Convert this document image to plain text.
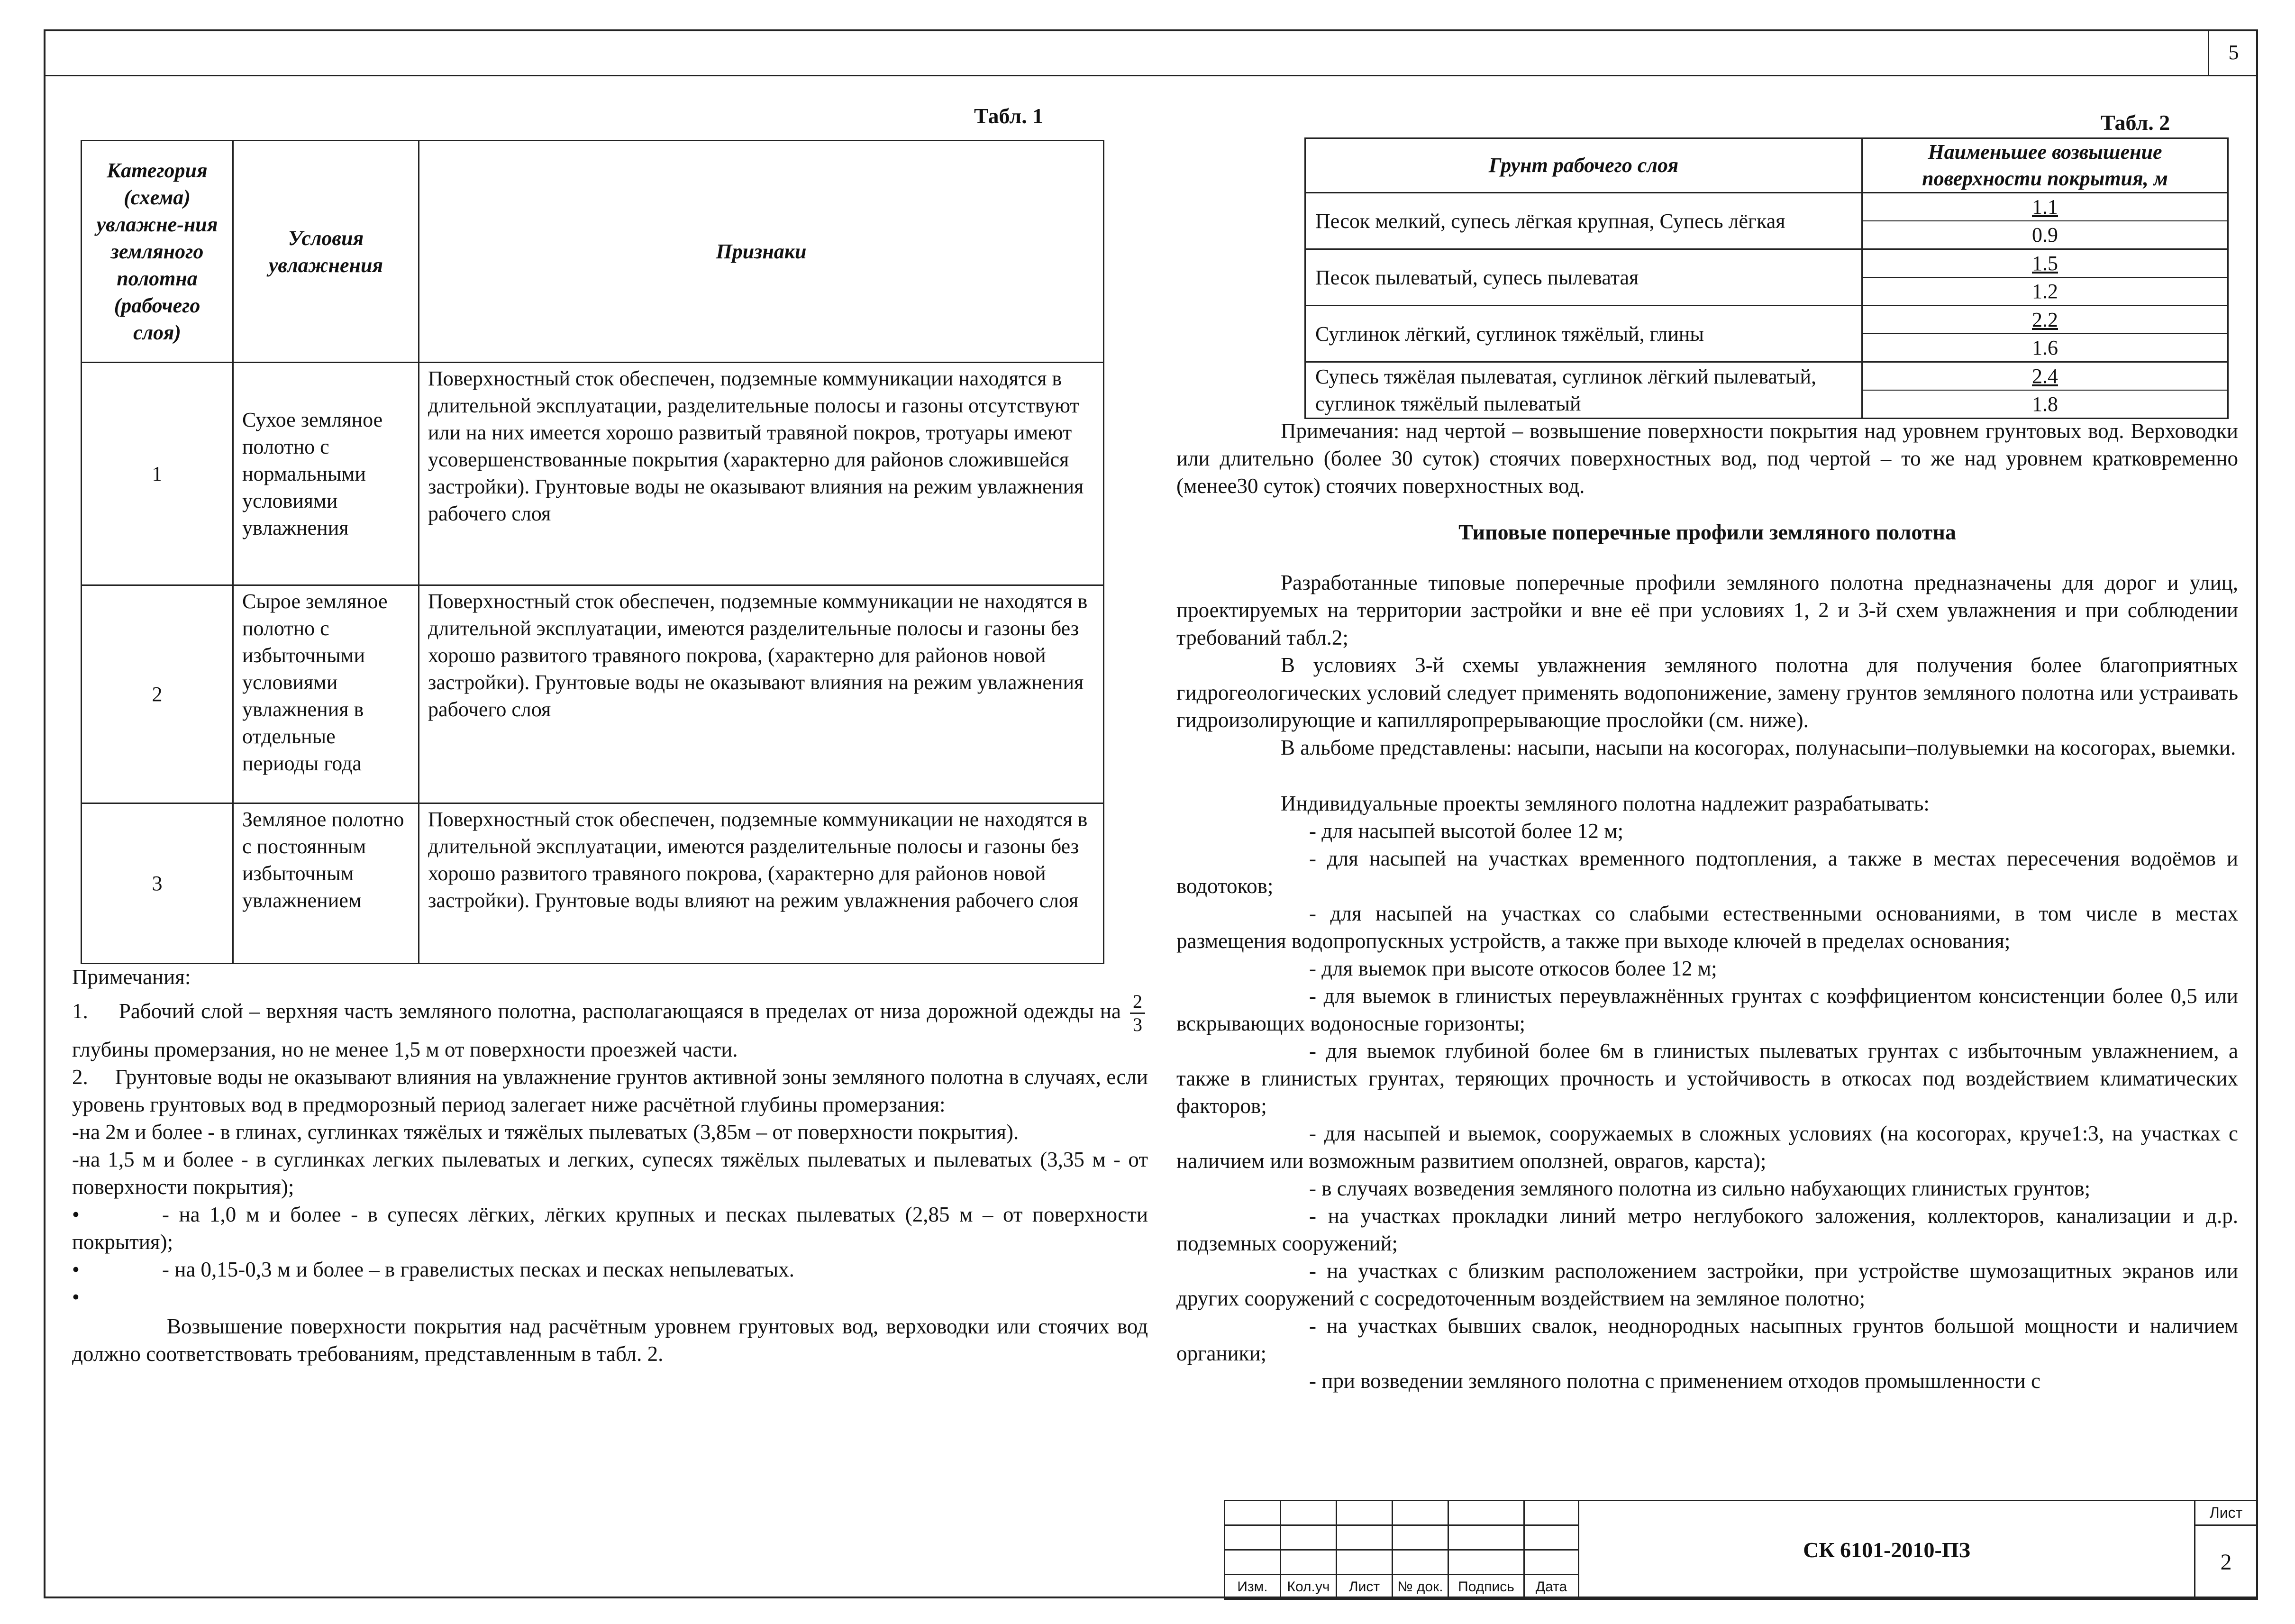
5
Табл. 1
Категория (схема) увлажне-ния земляного полотна (рабочего слоя)	Условия увлажнения	Признаки
1	Сухое земляное полотно с нормальными условиями увлажнения	Поверхностный сток обеспечен, подземные коммуникации находятся в длительной эксплуатации, разделительные полосы и газоны отсутствуют или на них имеется хорошо развитый травяной покров, тротуары имеют усовершенствованные покрытия (характерно для районов сложившейся застройки). Грунтовые воды не оказывают влияния на режим увлажнения рабочего слоя
2	Сырое земляное полотно с избыточными условиями увлажнения в отдельные периоды года	Поверхностный сток обеспечен, подземные коммуникации не находятся в длительной эксплуатации, имеются разделительные полосы и газоны без хорошо развитого травяного покрова, (характерно для районов новой застройки). Грунтовые воды не оказывают влияния на режим увлажнения рабочего слоя
3	Земляное полотно с постоянным избыточным увлажнением	Поверхностный сток обеспечен, подземные коммуникации не находятся в длительной эксплуатации, имеются разделительные полосы и газоны без хорошо развитого травяного покрова, (характерно для районов новой застройки). Грунтовые воды влияют на режим увлажнения рабочего слоя

Примечания:

1. Рабочий слой – верхняя часть земляного полотна, располагающаяся в пределах от низа дорожной одежды на $\frac{2}{3}$
глубины промерзания, но не менее 1,5 м от поверхности проезжей части.

2. Грунтовые воды не оказывают влияния на увлажнение грунтов активной зоны земляного полотна в случаях, если уровень грунтовых вод в предморозный период залегает ниже расчётной глубины промерзания:

-на 2м и более - в глинах, суглинках тяжёлых и тяжёлых пылеватых (3,85м – от поверхности покрытия).

-на 1,5 м и более - в суглинках легких пылеватых и легких, супесях тяжёлых пылеватых и пылеватых (3,35 м - от поверхности покрытия);

•	- на 1,0 м и более - в супесях лёгких, лёгких крупных и песках пылеватых (2,85 м – от поверхности покрытия);

•	- на 0,15-0,3 м и более – в гравелистых песках и песках непылеватых.

•

Возвышение поверхности покрытия над расчётным уровнем грунтовых вод, верховодки или стоячих вод должно соответствовать требованиям, представленным в табл. 2.

Табл. 2
Грунт рабочего слоя	Наименьшее возвышение поверхности покрытия, м
Песок мелкий, супесь лёгкая крупная, Супесь лёгкая	1.1
0.9

Песок пылеватый, супесь пылеватая	1.5
1.2

Суглинок лёгкий, суглинок тяжёлый, глины	2.2
1.6

Супесь тяжёлая пылеватая, суглинок лёгкий пылеватый, суглинок тяжёлый пылеватый	2.4
1.8

Примечания: над чертой – возвышение поверхности покрытия над уровнем грунтовых вод. Верховодки или длительно (более 30 суток) стоячих поверхностных вод, под чертой – то же над уровнем кратковременно (менее30 суток) стоячих поверхностных вод.

Типовые поперечные профили земляного полотна

Разработанные типовые поперечные профили земляного полотна предназначены для дорог и улиц, проектируемых на территории застройки и вне её при условиях 1, 2 и 3-й схем увлажнения и при соблюдении требований табл.2;

В условиях 3-й схемы увлажнения земляного полотна для получения более благоприятных гидрогеологических условий следует применять водопонижение, замену грунтов земляного полотна или устраивать гидроизолирующие и капилляропрерывающие прослойки (см. ниже).

В альбоме представлены: насыпи, насыпи на косогорах, полунасыпи–полувыемки на косогорах, выемки.

Индивидуальные проекты земляного полотна надлежит разрабатывать:

- для насыпей высотой более 12 м;

- для насыпей на участках временного подтопления, а также в местах пересечения водоёмов и водотоков;

- для насыпей на участках со слабыми естественными основаниями, в том числе в местах размещения водопропускных устройств, а также при выходе ключей в пределах основания;

- для выемок при высоте откосов более 12 м;

- для выемок в глинистых переувлажнённых грунтах с коэффициентом консистенции более 0,5 или вскрывающих водоносные горизонты;

- для выемок глубиной более 6м в глинистых пылеватых грунтах с избыточным увлажнением, а также в глинистых грунтах, теряющих прочность и устойчивость в откосах под воздействием климатических факторов;

- для насыпей и выемок, сооружаемых в сложных условиях (на косогорах, круче1:3, на участках с наличием или возможным развитием оползней, оврагов, карста);

- в случаях возведения земляного полотна из сильно набухающих глинистых грунтов;

- на участках прокладки линий метро неглубокого заложения, коллекторов, канализации и д.р. подземных сооружений;

- на участках с близким расположением застройки, при устройстве шумозащитных экранов или других сооружений с сосредоточенным воздействием на земляное полотно;

- на участках бывших свалок, неоднородных насыпных грунтов большой мощности и наличием органики;

- при возведении земляного полотна с применением отходов промышленности с

						СК 6101-2010-ПЗ	Лист
							2

Изм.	Кол.уч	Лист	№ док.	Подпись	Дата		
